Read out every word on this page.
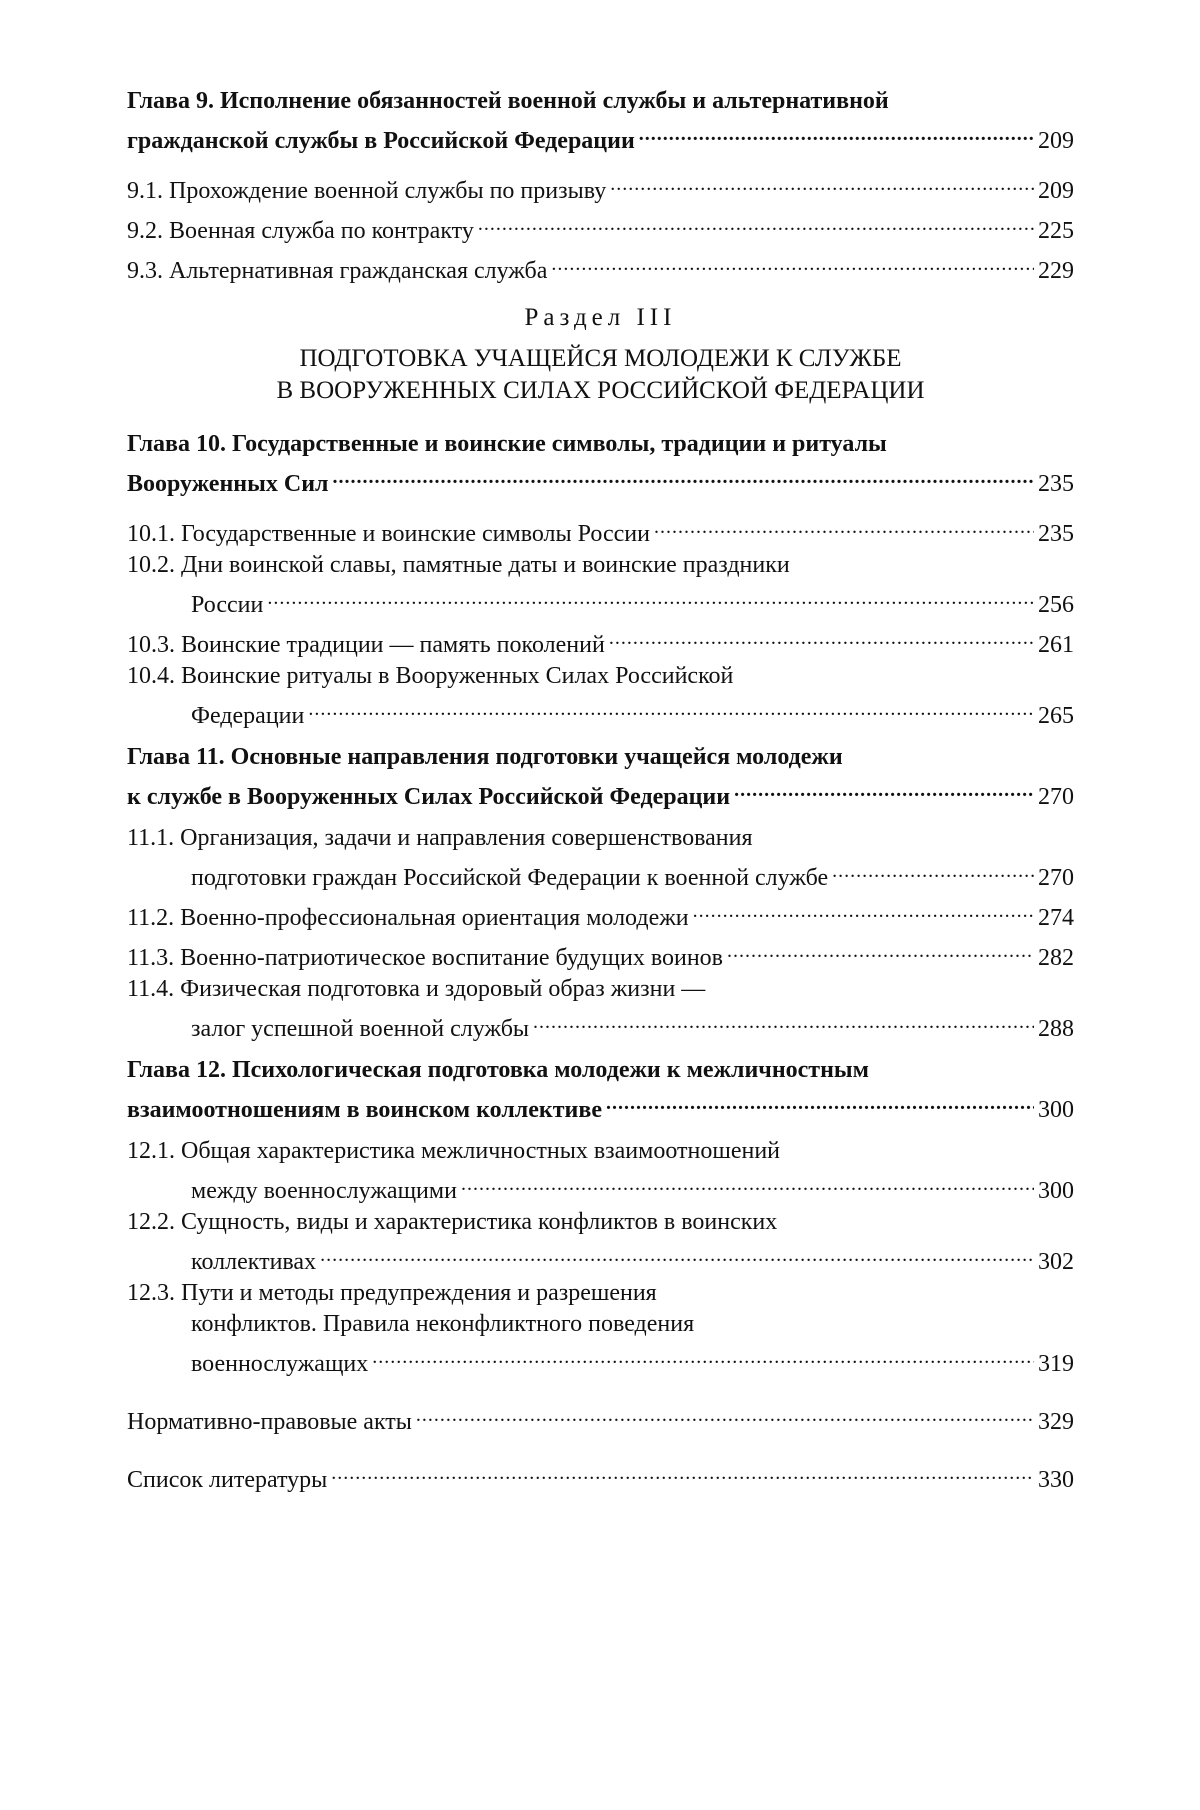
Глава 9. Исполнение обязанностей военной службы и альтернативной
гражданской службы в Российской Федерации .....	209
9.1. Прохождение военной службы по призыву .....	209
9.2. Военная служба по контракту .....	225
9.3. Альтернативная гражданская служба .....	229
Раздел III
ПОДГОТОВКА УЧАЩЕЙСЯ МОЛОДЕЖИ К СЛУЖБЕ
В ВООРУЖЕННЫХ СИЛАХ РОССИЙСКОЙ ФЕДЕРАЦИИ
Глава 10. Государственные и воинские символы, традиции и ритуалы
Вооруженных Сил .....	235
10.1. Государственные и воинские символы России .....	235
10.2. Дни воинской славы, памятные даты и воинские праздники
России .....	256
10.3. Воинские традиции — память поколений .....	261
10.4. Воинские ритуалы в Вооруженных Силах Российской
Федерации .....	265
Глава 11. Основные направления подготовки учащейся молодежи
к службе в Вооруженных Силах Российской Федерации .....	270
11.1. Организация, задачи и направления совершенствования
подготовки граждан Российской Федерации к военной службе .....	270
11.2. Военно-профессиональная ориентация молодежи .....	274
11.3. Военно-патриотическое воспитание будущих воинов .....	282
11.4. Физическая подготовка и здоровый образ жизни —
залог успешной военной службы .....	288
Глава 12. Психологическая подготовка молодежи к межличностным
взаимоотношениям в воинском коллективе .....	300
12.1. Общая характеристика межличностных взаимоотношений
между военнослужащими .....	300
12.2. Сущность, виды и характеристика конфликтов в воинских
коллективах .....	302
12.3. Пути и методы предупреждения и разрешения
конфликтов. Правила неконфликтного поведения
военнослужащих .....	319
Нормативно-правовые акты .....	329
Список литературы .....	330
